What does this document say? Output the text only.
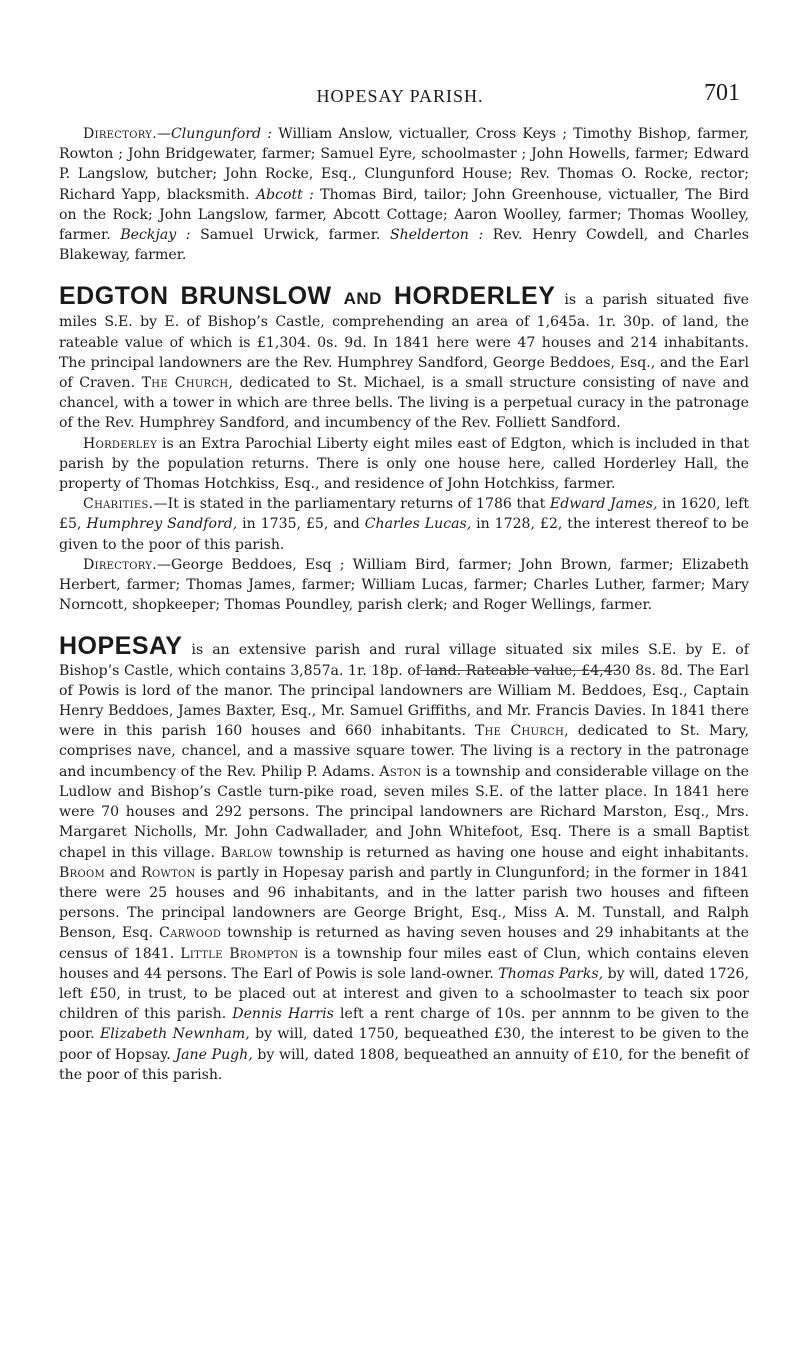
HOPESAY PARISH.	701

Directory.—Clungunford : William Anslow, victualler, Cross Keys ; Timothy Bishop, farmer, Rowton ; John Bridgewater, farmer; Samuel Eyre, schoolmaster ; John Howells, farmer; Edward P. Langslow, butcher; John Rocke, Esq., Clungunford House; Rev. Thomas O. Rocke, rector; Richard Yapp, blacksmith. Abcott : Thomas Bird, tailor; John Greenhouse, victualler, The Bird on the Rock; John Langslow, farmer, Abcott Cottage; Aaron Woolley, farmer; Thomas Woolley, farmer. Beckjay : Samuel Urwick, farmer. Shelderton : Rev. Henry Cowdell, and Charles Blakeway, farmer.

EDGTON BRUNSLOW AND HORDERLEY is a parish situated five miles S.E. by E. of Bishop’s Castle, comprehending an area of 1,645a. 1r. 30p. of land, the rateable value of which is £1,304. 0s. 9d. In 1841 here were 47 houses and 214 inhabitants. The principal landowners are the Rev. Humphrey Sandford, George Beddoes, Esq., and the Earl of Craven. The Church, dedicated to St. Michael, is a small structure consisting of nave and chancel, with a tower in which are three bells. The living is a perpetual curacy in the patronage of the Rev. Humphrey Sandford, and incumbency of the Rev. Folliett Sandford.

Horderley is an Extra Parochial Liberty eight miles east of Edgton, which is included in that parish by the population returns. There is only one house here, called Horderley Hall, the property of Thomas Hotchkiss, Esq., and residence of John Hotchkiss, farmer.

Charities.—It is stated in the parliamentary returns of 1786 that Edward James, in 1620, left £5, Humphrey Sandford, in 1735, £5, and Charles Lucas, in 1728, £2, the interest thereof to be given to the poor of this parish.

Directory.—George Beddoes, Esq ; William Bird, farmer; John Brown, farmer; Elizabeth Herbert, farmer; Thomas James, farmer; William Lucas, farmer; Charles Luther, farmer; Mary Norncott, shopkeeper; Thomas Poundley, parish clerk; and Roger Wellings, farmer.

HOPESAY is an extensive parish and rural village situated six miles S.E. by E. of Bishop’s Castle, which contains 3,857a. 1r. 18p. of land. Rateable value, £4,430 8s. 8d. The Earl of Powis is lord of the manor. The principal landowners are William M. Beddoes, Esq., Captain Henry Beddoes, James Baxter, Esq., Mr. Samuel Griffiths, and Mr. Francis Davies. In 1841 there were in this parish 160 houses and 660 inhabitants. The Church, dedicated to St. Mary, comprises nave, chancel, and a massive square tower. The living is a rectory in the patronage and incumbency of the Rev. Philip P. Adams. Aston is a township and considerable village on the Ludlow and Bishop’s Castle turn-pike road, seven miles S.E. of the latter place. In 1841 here were 70 houses and 292 persons. The principal landowners are Richard Marston, Esq., Mrs. Margaret Nicholls, Mr. John Cadwallader, and John Whitefoot, Esq. There is a small Baptist chapel in this village. Barlow township is returned as having one house and eight inhabitants. Broom and Rowton is partly in Hopesay parish and partly in Clungunford; in the former in 1841 there were 25 houses and 96 inhabitants, and in the latter parish two houses and fifteen persons. The principal landowners are George Bright, Esq., Miss A. M. Tunstall, and Ralph Benson, Esq. Carwood township is returned as having seven houses and 29 inhabitants at the census of 1841. Little Brompton is a township four miles east of Clun, which contains eleven houses and 44 persons. The Earl of Powis is sole land-owner. Thomas Parks, by will, dated 1726, left £50, in trust, to be placed out at interest and given to a schoolmaster to teach six poor children of this parish. Dennis Harris left a rent charge of 10s. per annnm to be given to the poor. Elizabeth Newnham, by will, dated 1750, bequeathed £30, the interest to be given to the poor of Hopsay. Jane Pugh, by will, dated 1808, bequeathed an annuity of £10, for the benefit of the poor of this parish.
